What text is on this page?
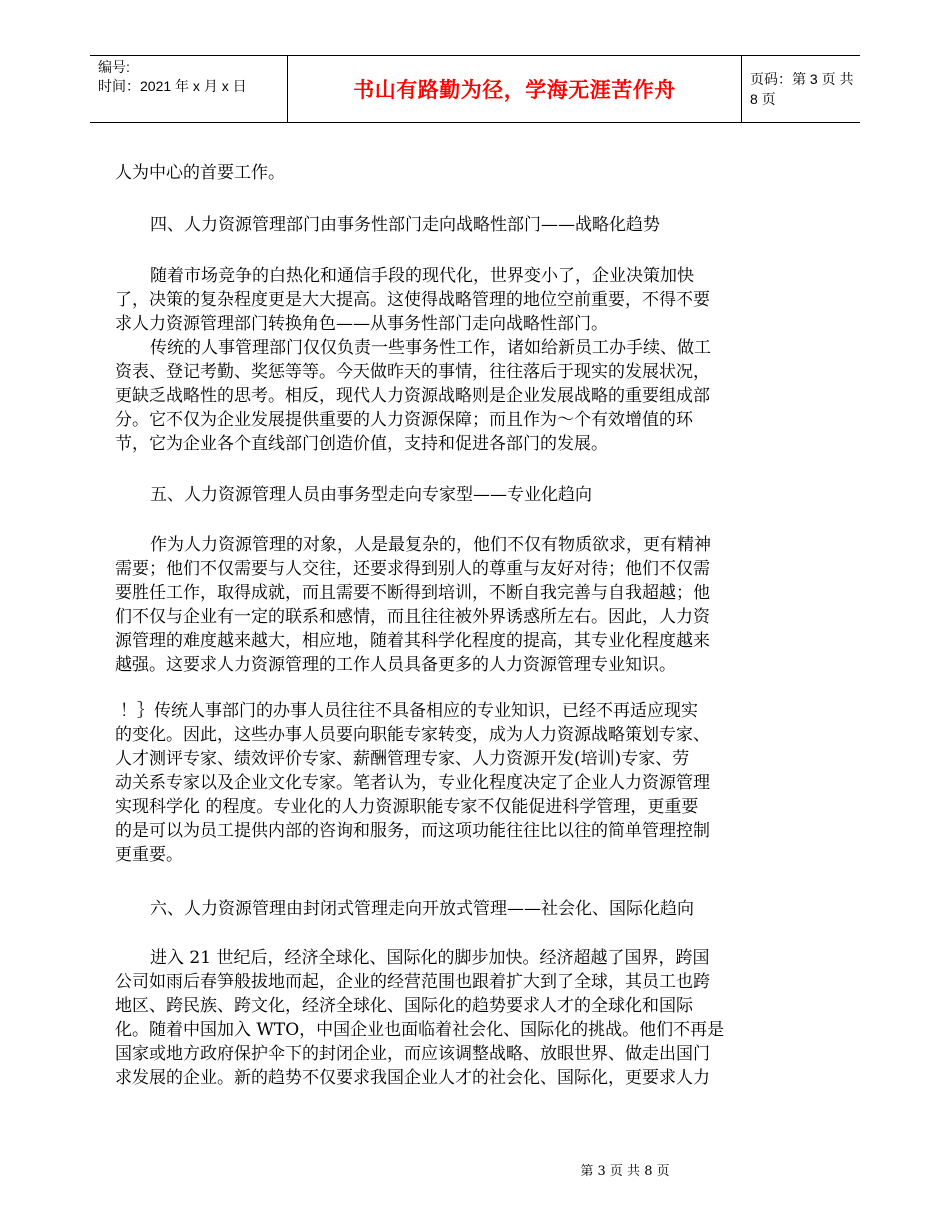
编号:
时间：2021 年 x 月 x 日	书山有路勤为径，学海无涯苦作舟	页码：第 3 页 共 8 页
人为中心的首要工作。
四、人力资源管理部门由事务性部门走向战略性部门——战略化趋势
随着市场竞争的白热化和通信手段的现代化，世界变小了，企业决策加快
了，决策的复杂程度更是大大提高。这使得战略管理的地位空前重要，不得不要
求人力资源管理部门转换角色——从事务性部门走向战略性部门。
传统的人事管理部门仅仅负责一些事务性工作，诸如给新员工办手续、做工
资表、登记考勤、奖惩等等。今天做昨天的事情，往往落后于现实的发展状况，
更缺乏战略性的思考。相反，现代人力资源战略则是企业发展战略的重要组成部
分。它不仅为企业发展提供重要的人力资源保障；而且作为～个有效增值的环
节，它为企业各个直线部门创造价值，支持和促进各部门的发展。
五、人力资源管理人员由事务型走向专家型——专业化趋向
作为人力资源管理的对象，人是最复杂的，他们不仅有物质欲求，更有精神
需要；他们不仅需要与人交往，还要求得到别人的尊重与友好对待；他们不仅需
要胜任工作，取得成就，而且需要不断得到培训，不断自我完善与自我超越；他
们不仅与企业有一定的联系和感情，而且往往被外界诱惑所左右。因此，人力资
源管理的难度越来越大，相应地，随着其科学化程度的提高，其专业化程度越来
越强。这要求人力资源管理的工作人员具备更多的人力资源管理专业知识。
！｝传统人事部门的办事人员往往不具备相应的专业知识，已经不再适应现实
的变化。因此，这些办事人员要向职能专家转变，成为人力资源战略策划专家、
人才测评专家、绩效评价专家、薪酬管理专家、人力资源开发(培训)专家、劳
动关系专家以及企业文化专家。笔者认为，专业化程度决定了企业人力资源管理
实现科学化 的程度。专业化的人力资源职能专家不仅能促进科学管理，更重要
的是可以为员工提供内部的咨询和服务，而这项功能往往比以往的简单管理控制
更重要。
六、人力资源管理由封闭式管理走向开放式管理——社会化、国际化趋向
进入 21 世纪后，经济全球化、国际化的脚步加快。经济超越了国界，跨国
公司如雨后春笋般拔地而起，企业的经营范围也跟着扩大到了全球，其员工也跨
地区、跨民族、跨文化，经济全球化、国际化的趋势要求人才的全球化和国际
化。随着中国加入 WTO，中国企业也面临着社会化、国际化的挑战。他们不再是
国家或地方政府保护伞下的封闭企业，而应该调整战略、放眼世界、做走出国门
求发展的企业。新的趋势不仅要求我国企业人才的社会化、国际化，更要求人力
第 3 页 共 8 页
